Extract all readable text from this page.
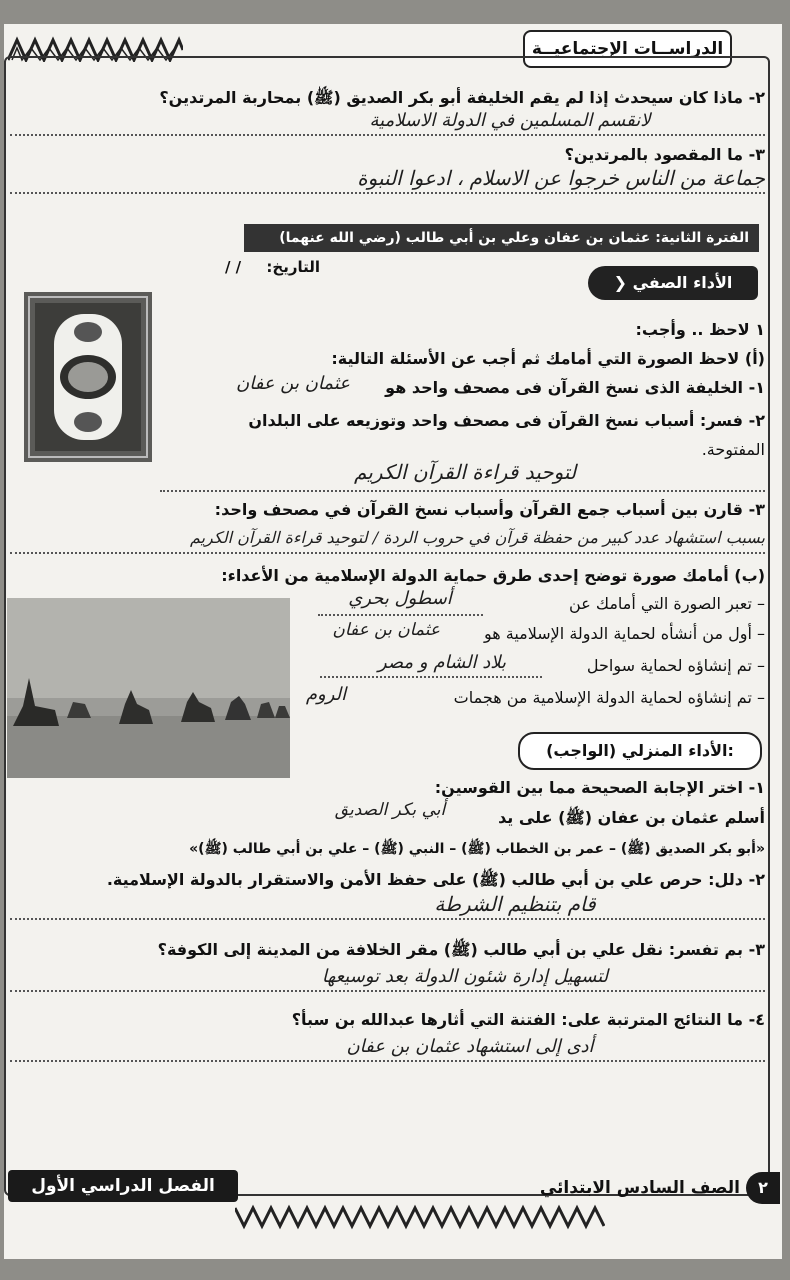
الدراســات الإجتماعيــة
٢- ماذا كان سيحدث إذا لم يقم الخليفة أبو بكر الصديق (ﷺ) بمحاربة المرتدين؟
لانقسم المسلمين في الدولة الاسلامية
٣- ما المقصود بالمرتدين؟
جماعة من الناس خرجوا عن الاسلام ، ادعوا النبوة
الفترة الثانية: عثمان بن عفان وعلي بن أبي طالب (رضي الله عنهما)
التاريخ: / /
❯ الأداء الصفي
١ لاحظ .. وأجب:
(أ) لاحظ الصورة التي أمامك ثم أجب عن الأسئلة التالية:
١- الخليفة الذى نسخ القرآن فى مصحف واحد هو
عثمان بن عفان
٢- فسر: أسباب نسخ القرآن فى مصحف واحد وتوزيعه على البلدان
المفتوحة.
لتوحيد قراءة القرآن الكريم
٣- قارن بين أسباب جمع القرآن وأسباب نسخ القرآن في مصحف واحد:
بسبب استشهاد عدد كبير من حفظة قرآن في حروب الردة / لتوحيد قراءة القرآن الكريم
(ب) أمامك صورة توضح إحدى طرق حماية الدولة الإسلامية من الأعداء:
– تعبر الصورة التي أمامك عن
أسطول بحري
– أول من أنشأه لحماية الدولة الإسلامية هو
عثمان بن عفان
– تم إنشاؤه لحماية سواحل
بلاد الشام و مصر
– تم إنشاؤه لحماية الدولة الإسلامية من هجمات
الروم
الأداء المنزلي (الواجب):
١- اختر الإجابة الصحيحة مما بين القوسين:
أسلم عثمان بن عفان (ﷺ) على يد
أبي بكر الصديق
«أبو بكر الصديق (ﷺ) – عمر بن الخطاب (ﷺ) – النبي (ﷺ) – علي بن أبي طالب (ﷺ)»
٢- دلل: حرص علي بن أبي طالب (ﷺ) على حفظ الأمن والاستقرار بالدولة الإسلامية.
قام بتنظيم الشرطة
٣- بم تفسر: نقل علي بن أبي طالب (ﷺ) مقر الخلافة من المدينة إلى الكوفة؟
لتسهيل إدارة شئون الدولة بعد توسيعها
٤- ما النتائج المترتبة على: الفتنة التي أثارها عبدالله بن سبأ؟
أدى إلى استشهاد عثمان بن عفان
الفصل الدراسي الأول	الصف السادس الابتدائي	٢
